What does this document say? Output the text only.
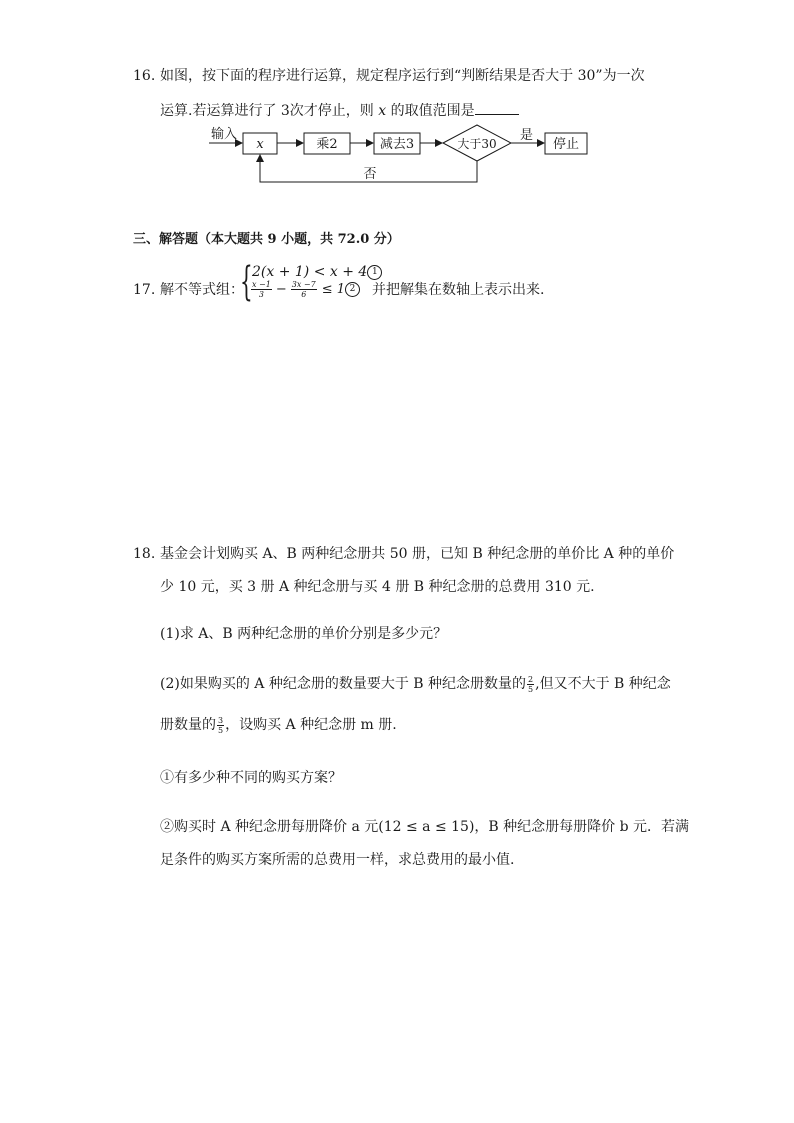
16. 如图，按下面的程序进行运算，规定程序运行到“判断结果是否大于 30”为一次
运算.若运算进行了 3次才停止，则 x 的取值范围是
输入
x	乘2	减去3	大于30
是
停止
否
三、解答题（本大题共 9 小题，共 72.0 分）
17. 解不等式组：
{ 2(x + 1) < x + 4 1
$\frac{x -1}{3} - \frac{3x -7}{6} \le 1$ 2	并把解集在数轴上表示出来.
18. 基金会计划购买 A、B 两种纪念册共 50 册，已知 B 种纪念册的单价比 A 种的单价
少 10 元，买 3 册 A 种纪念册与买 4 册 B 种纪念册的总费用 310 元.
(1)求 A、B 两种纪念册的单价分别是多少元？
(2)如果购买的 A 种纪念册的数量要大于 B 种纪念册数量的 $\frac{2}{5}$ ,但又不大于 B 种纪念
册数量的 $\frac{3}{5}$ ，设购买 A 种纪念册 m 册.
①有多少种不同的购买方案？
②购买时 A 种纪念册每册降价 a 元(12 ≤ a ≤ 15)，B 种纪念册每册降价 b 元．若满
足条件的购买方案所需的总费用一样，求总费用的最小值.
